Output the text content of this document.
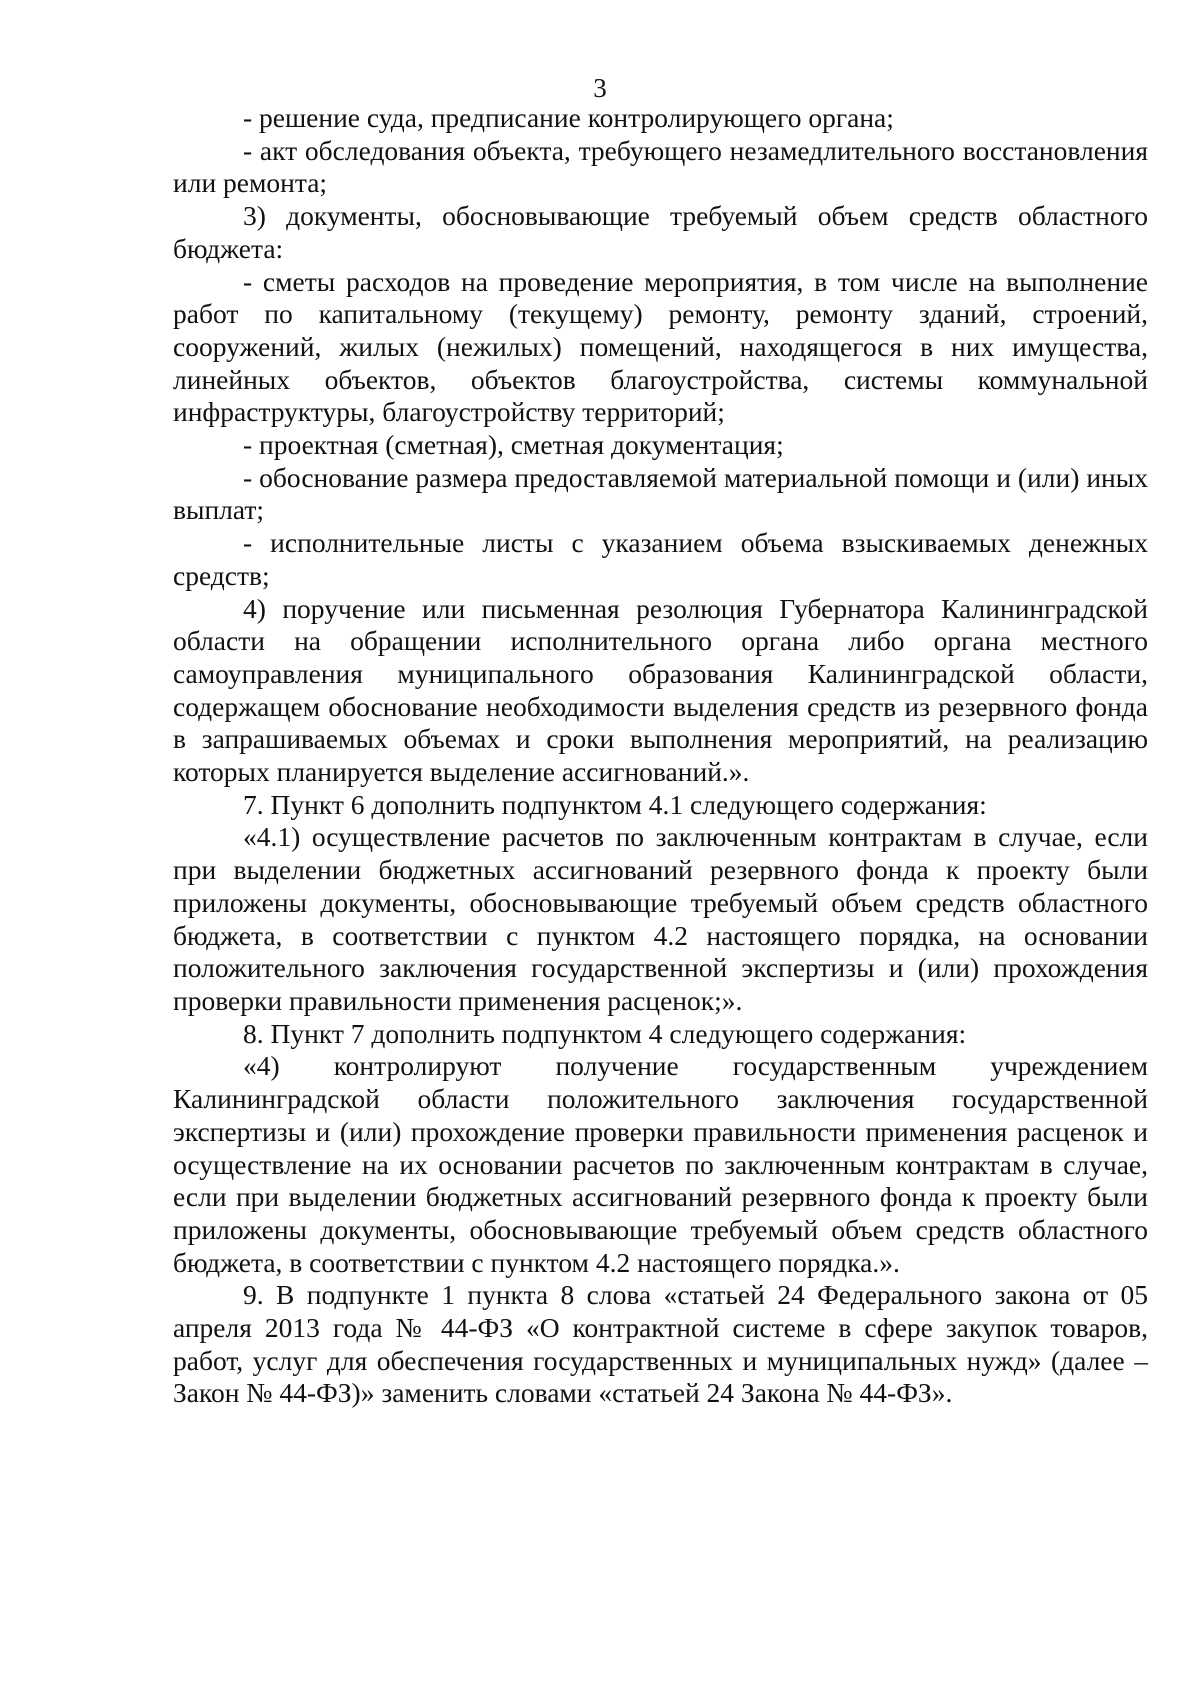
3

- решение суда, предписание контролирующего органа;

- акт обследования объекта, требующего незамедлительного восстановления или ремонта;

3) документы, обосновывающие требуемый объем средств областного бюджета:

- сметы расходов на проведение мероприятия, в том числе на выполнение работ по капитальному (текущему) ремонту, ремонту зданий, строений, сооружений, жилых (нежилых) помещений, находящегося в них имущества, линейных объектов, объектов благоустройства, системы коммунальной инфраструктуры, благоустройству территорий;

- проектная (сметная), сметная документация;

- обоснование размера предоставляемой материальной помощи и (или) иных выплат;

- исполнительные листы с указанием объема взыскиваемых денежных средств;

4) поручение или письменная резолюция Губернатора Калининградской области на обращении исполнительного органа либо органа местного самоуправления муниципального образования Калининградской области, содержащем обоснование необходимости выделения средств из резервного фонда в запрашиваемых объемах и сроки выполнения мероприятий, на реализацию которых планируется выделение ассигнований.».

7. Пункт 6 дополнить подпунктом 4.1 следующего содержания:

«4.1) осуществление расчетов по заключенным контрактам в случае, если при выделении бюджетных ассигнований резервного фонда к проекту были приложены документы, обосновывающие требуемый объем средств областного бюджета, в соответствии с пунктом 4.2 настоящего порядка, на основании положительного заключения государственной экспертизы и (или) прохождения проверки правильности применения расценок;».

8. Пункт 7 дополнить подпунктом 4 следующего содержания:

«4) контролируют получение государственным учреждением Калининградской области положительного заключения государственной экспертизы и (или) прохождение проверки правильности применения расценок и осуществление на их основании расчетов по заключенным контрактам в случае, если при выделении бюджетных ассигнований резервного фонда к проекту были приложены документы, обосновывающие требуемый объем средств областного бюджета, в соответствии с пунктом 4.2 настоящего порядка.».

9. В подпункте 1 пункта 8 слова «статьей 24 Федерального закона от 05 апреля 2013 года № 44-ФЗ «О контрактной системе в сфере закупок товаров, работ, услуг для обеспечения государственных и муниципальных нужд» (далее – Закон № 44-ФЗ)» заменить словами «статьей 24 Закона № 44-ФЗ».
